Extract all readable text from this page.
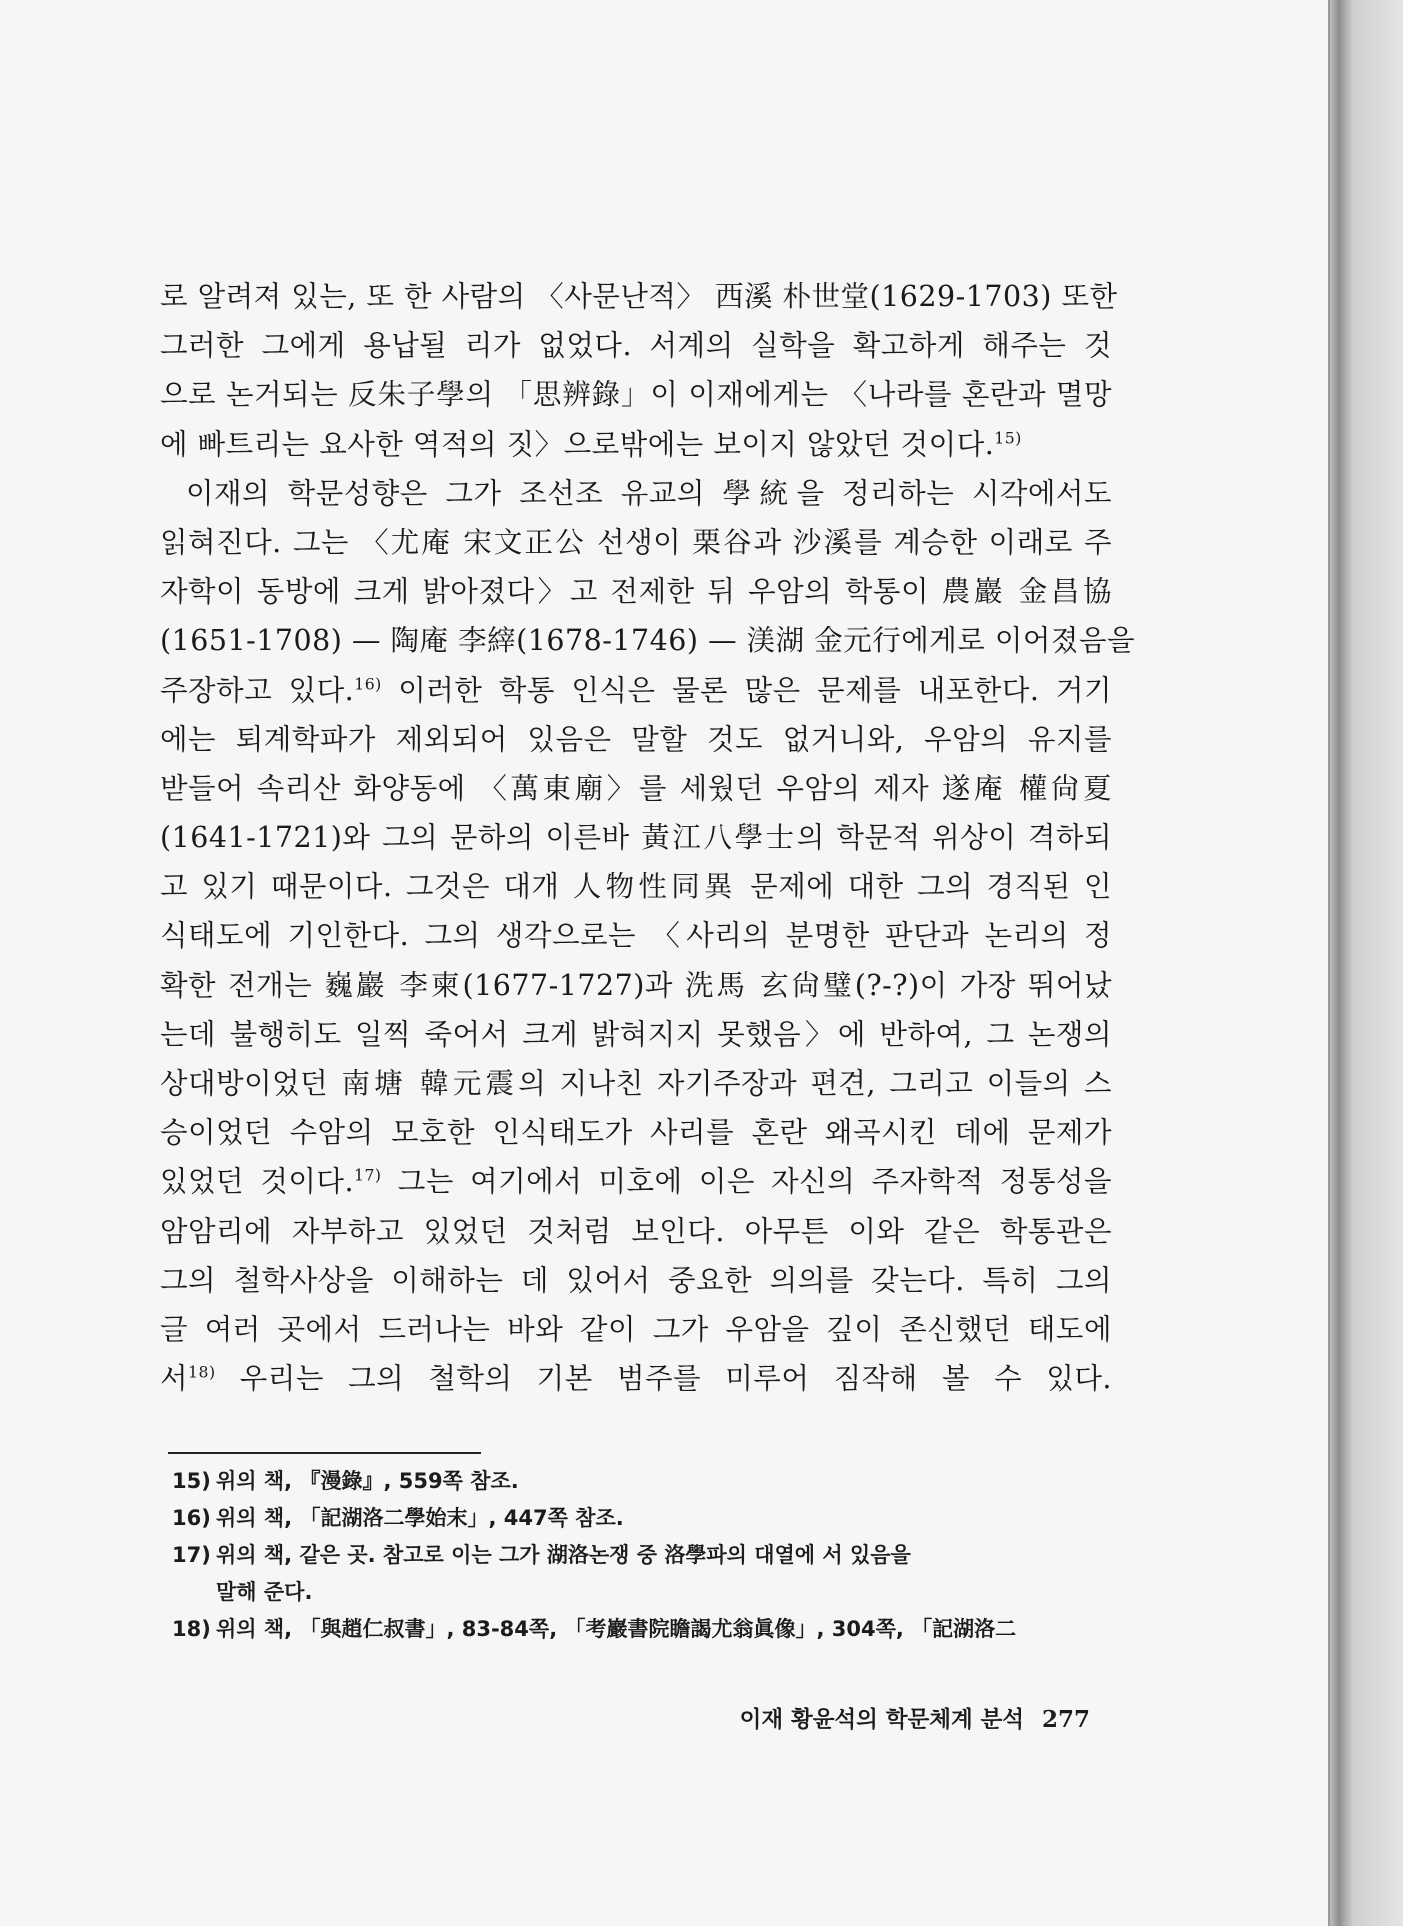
로 알려져 있는, 또 한 사람의 〈사문난적〉 西溪 朴世堂(1629-1703) 또한
그러한 그에게 용납될 리가 없었다. 서계의 실학을 확고하게 해주는 것
으로 논거되는 反朱子學의 「思辨錄」이 이재에게는 〈나라를 혼란과 멸망
에 빠트리는 요사한 역적의 짓〉으로밖에는 보이지 않았던 것이다.$^{15)}$
이재의 학문성향은 그가 조선조 유교의 學統을 정리하는 시각에서도
읽혀진다. 그는 〈尤庵 宋文正公 선생이 栗谷과 沙溪를 계승한 이래로 주
자학이 동방에 크게 밝아졌다〉고 전제한 뒤 우암의 학통이 農巖 金昌協
(1651-1708) — 陶庵 李縡(1678-1746) — 渼湖 金元行에게로 이어졌음을
주장하고 있다.$^{16)}$ 이러한 학통 인식은 물론 많은 문제를 내포한다. 거기
에는 퇴계학파가 제외되어 있음은 말할 것도 없거니와, 우암의 유지를
받들어 속리산 화양동에 〈萬東廟〉를 세웠던 우암의 제자 遂庵 權尙夏
(1641-1721)와 그의 문하의 이른바 黃江八學士의 학문적 위상이 격하되
고 있기 때문이다. 그것은 대개 人物性同異 문제에 대한 그의 경직된 인
식태도에 기인한다. 그의 생각으로는 〈사리의 분명한 판단과 논리의 정
확한 전개는 巍巖 李柬(1677-1727)과 洗馬 玄尙璧(?-?)이 가장 뛰어났
는데 불행히도 일찍 죽어서 크게 밝혀지지 못했음〉에 반하여, 그 논쟁의
상대방이었던 南塘 韓元震의 지나친 자기주장과 편견, 그리고 이들의 스
승이었던 수암의 모호한 인식태도가 사리를 혼란 왜곡시킨 데에 문제가
있었던 것이다.$^{17)}$ 그는 여기에서 미호에 이은 자신의 주자학적 정통성을
암암리에 자부하고 있었던 것처럼 보인다. 아무튼 이와 같은 학통관은
그의 철학사상을 이해하는 데 있어서 중요한 의의를 갖는다. 특히 그의
글 여러 곳에서 드러나는 바와 같이 그가 우암을 깊이 존신했던 태도에
서$^{18)}$ 우리는 그의 철학의 기본 범주를 미루어 짐작해 볼 수 있다.
15) 위의 책, 『漫錄』, 559쪽 참조.
16) 위의 책, 「記湖洛二學始末」, 447쪽 참조.
17) 위의 책, 같은 곳. 참고로 이는 그가 湖洛논쟁 중 洛學파의 대열에 서 있음을
말해 준다.
18) 위의 책, 「與趙仁叔書」, 83-84쪽, 「考巖書院瞻謁尤翁眞像」, 304쪽, 「記湖洛二
이재 황윤석의 학문체계 분석 277
